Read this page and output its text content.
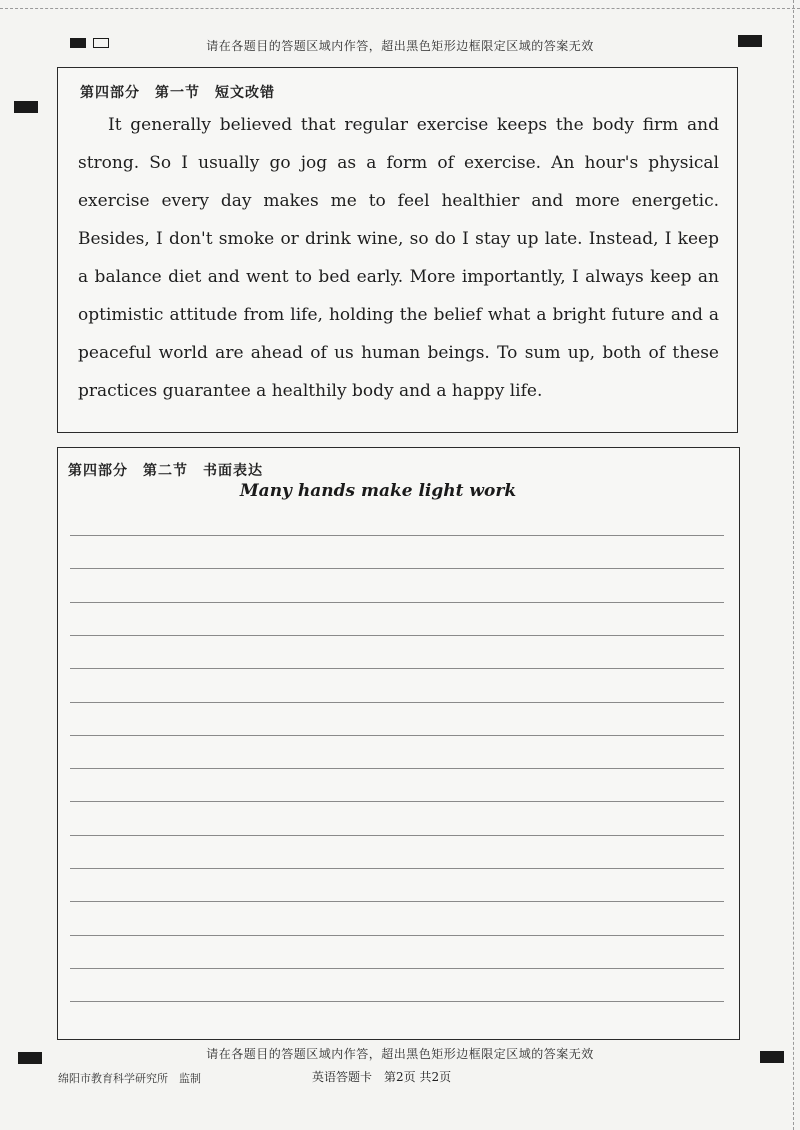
请在各题目的答题区域内作答，超出黑色矩形边框限定区域的答案无效
第四部分　第一节　短文改错
It generally believed that regular exercise keeps the body firm and strong. So I usually go jog as a form of exercise. An hour's physical exercise every day makes me to feel healthier and more energetic. Besides, I don't smoke or drink wine, so do I stay up late. Instead, I keep a balance diet and went to bed early. More importantly, I always keep an optimistic attitude from life, holding the belief what a bright future and a peaceful world are ahead of us human beings. To sum up, both of these practices guarantee a healthily body and a happy life.
第四部分　第二节　书面表达
Many hands make light work
请在各题目的答题区域内作答，超出黑色矩形边框限定区域的答案无效
绵阳市教育科学研究所　监制	英语答题卡　第2页 共2页
